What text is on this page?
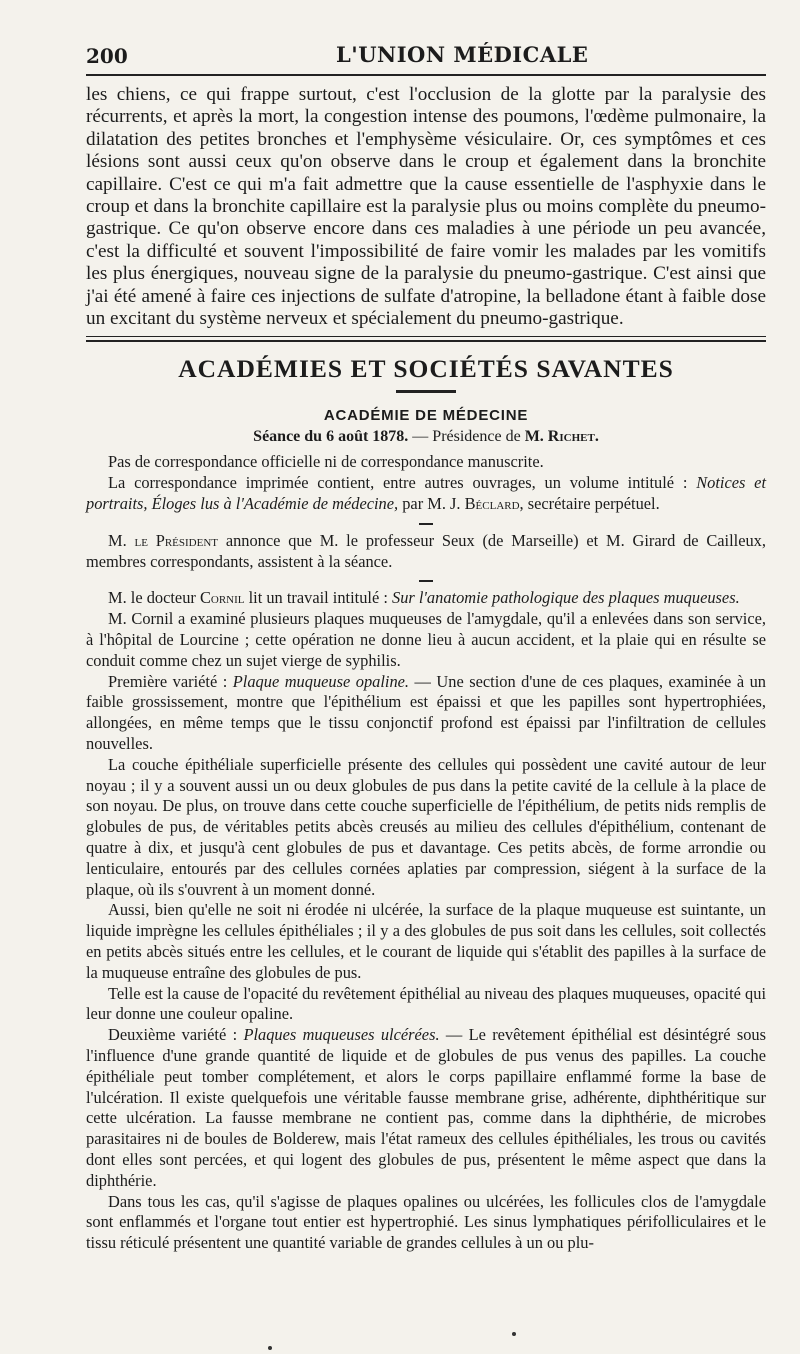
200	L'UNION MÉDICALE

les chiens, ce qui frappe surtout, c'est l'occlusion de la glotte par la paralysie des récurrents, et après la mort, la congestion intense des poumons, l'œdème pulmonaire, la dilatation des petites bronches et l'emphysème vésiculaire. Or, ces symptômes et ces lésions sont aussi ceux qu'on observe dans le croup et également dans la bronchite capillaire. C'est ce qui m'a fait admettre que la cause essentielle de l'asphyxie dans le croup et dans la bronchite capillaire est la paralysie plus ou moins complète du pneumo-gastrique. Ce qu'on observe encore dans ces maladies à une période un peu avancée, c'est la difficulté et souvent l'impossibilité de faire vomir les malades par les vomitifs les plus énergiques, nouveau signe de la paralysie du pneumo-gastrique. C'est ainsi que j'ai été amené à faire ces injections de sulfate d'atropine, la belladone étant à faible dose un excitant du système nerveux et spécialement du pneumo-gastrique.

ACADÉMIES ET SOCIÉTÉS SAVANTES
ACADÉMIE DE MÉDECINE
Séance du 6 août 1878. — Présidence de M. Richet.

Pas de correspondance officielle ni de correspondance manuscrite.

La correspondance imprimée contient, entre autres ouvrages, un volume intitulé : Notices et portraits, Éloges lus à l'Académie de médecine, par M. J. Béclard, secrétaire perpétuel.

M. le Président annonce que M. le professeur Seux (de Marseille) et M. Girard de Cailleux, membres correspondants, assistent à la séance.

M. le docteur Cornil lit un travail intitulé : Sur l'anatomie pathologique des plaques muqueuses.

M. Cornil a examiné plusieurs plaques muqueuses de l'amygdale, qu'il a enlevées dans son service, à l'hôpital de Lourcine ; cette opération ne donne lieu à aucun accident, et la plaie qui en résulte se conduit comme chez un sujet vierge de syphilis.

Première variété : Plaque muqueuse opaline. — Une section d'une de ces plaques, examinée à un faible grossissement, montre que l'épithélium est épaissi et que les papilles sont hypertrophiées, allongées, en même temps que le tissu conjonctif profond est épaissi par l'infiltration de cellules nouvelles.

La couche épithéliale superficielle présente des cellules qui possèdent une cavité autour de leur noyau ; il y a souvent aussi un ou deux globules de pus dans la petite cavité de la cellule à la place de son noyau. De plus, on trouve dans cette couche superficielle de l'épithélium, de petits nids remplis de globules de pus, de véritables petits abcès creusés au milieu des cellules d'épithélium, contenant de quatre à dix, et jusqu'à cent globules de pus et davantage. Ces petits abcès, de forme arrondie ou lenticulaire, entourés par des cellules cornées aplaties par compression, siégent à la surface de la plaque, où ils s'ouvrent à un moment donné.

Aussi, bien qu'elle ne soit ni érodée ni ulcérée, la surface de la plaque muqueuse est suintante, un liquide imprègne les cellules épithéliales ; il y a des globules de pus soit dans les cellules, soit collectés en petits abcès situés entre les cellules, et le courant de liquide qui s'établit des papilles à la surface de la muqueuse entraîne des globules de pus.

Telle est la cause de l'opacité du revêtement épithélial au niveau des plaques muqueuses, opacité qui leur donne une couleur opaline.

Deuxième variété : Plaques muqueuses ulcérées. — Le revêtement épithélial est désintégré sous l'influence d'une grande quantité de liquide et de globules de pus venus des papilles. La couche épithéliale peut tomber complétement, et alors le corps papillaire enflammé forme la base de l'ulcération. Il existe quelquefois une véritable fausse membrane grise, adhérente, diphthéritique sur cette ulcération. La fausse membrane ne contient pas, comme dans la diphthérie, de microbes parasitaires ni de boules de Bolderew, mais l'état rameux des cellules épithéliales, les trous ou cavités dont elles sont percées, et qui logent des globules de pus, présentent le même aspect que dans la diphthérie.

Dans tous les cas, qu'il s'agisse de plaques opalines ou ulcérées, les follicules clos de l'amygdale sont enflammés et l'organe tout entier est hypertrophié. Les sinus lymphatiques périfolliculaires et le tissu réticulé présentent une quantité variable de grandes cellules à un ou plu-
